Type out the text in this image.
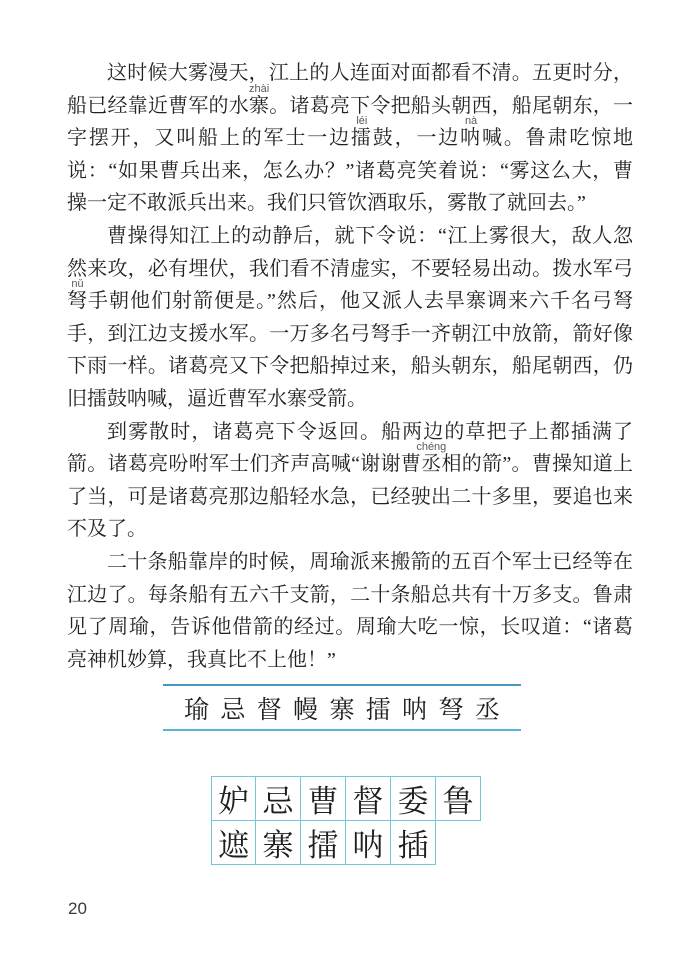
这时候大雾漫天，江上的人连面对面都看不清。五更时分，船已经靠近曹军的水
zhài
寨。诸葛亮下令把船头朝西，船尾朝东，一字摆开，又叫船上的军士一边
léi
擂鼓，一边
nà
呐喊。鲁肃吃惊地说：“如果曹兵出来，怎么办？”诸葛亮笑着说：“雾这么大，曹操一定不敢派兵出来。我们只管饮酒取乐，雾散了就回去。”

曹操得知江上的动静后，就下令说：“江上雾很大，敌人忽然来攻，必有埋伏，我们看不清虚实，不要轻易出动。拨水军弓
nǔ
弩手朝他们射箭便是。”然后，他又派人去旱寨调来六千名弓弩手，到江边支援水军。一万多名弓弩手一齐朝江中放箭，箭好像下雨一样。诸葛亮又下令把船掉过来，船头朝东，船尾朝西，仍旧擂鼓呐喊，逼近曹军水寨受箭。

到雾散时，诸葛亮下令返回。船两边的草把子上都插满了箭。诸葛亮吩咐军士们齐声高喊“谢谢曹
chéng
丞相的箭”。曹操知道上了当，可是诸葛亮那边船轻水急，已经驶出二十多里，要追也来不及了。

二十条船靠岸的时候，周瑜派来搬箭的五百个军士已经等在江边了。每条船有五六千支箭，二十条船总共有十万多支。鲁肃见了周瑜，告诉他借箭的经过。周瑜大吃一惊，长叹道：“诸葛亮神机妙算，我真比不上他！”

瑜 忌 督 幔 寨 擂 呐 弩 丞
妒 忌 曹 督 委 鲁
遮 寨 擂 呐 插
20
